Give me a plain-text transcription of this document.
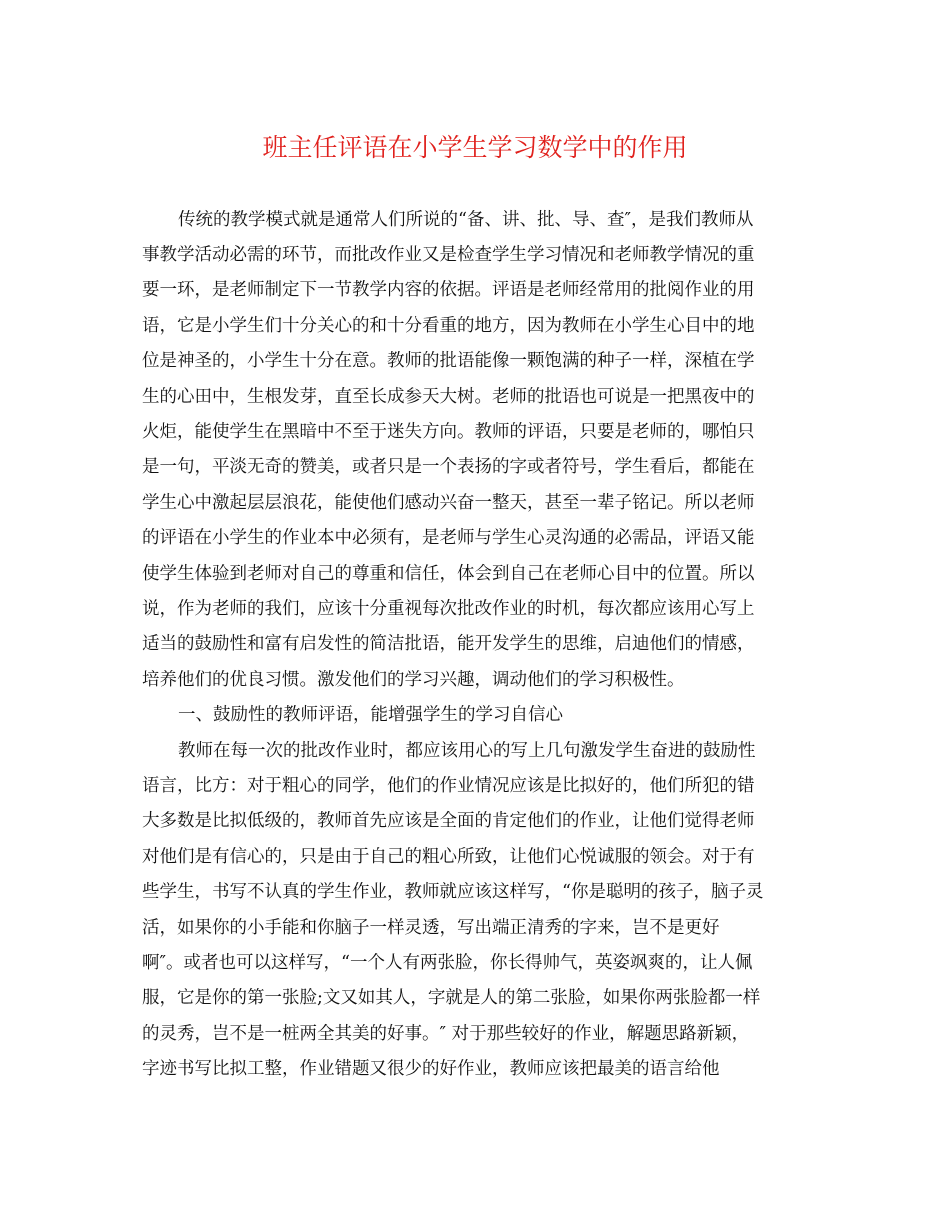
班主任评语在小学生学习数学中的作用

传统的教学模式就是通常人们所说的“备、讲、批、导、查″，是我们教师从

事教学活动必需的环节，而批改作业又是检查学生学习情况和老师教学情况的重

要一环，是老师制定下一节教学内容的依据。评语是老师经常用的批阅作业的用

语，它是小学生们十分关心的和十分看重的地方，因为教师在小学生心目中的地

位是神圣的，小学生十分在意。教师的批语能像一颗饱满的种子一样，深植在学

生的心田中，生根发芽，直至长成参天大树。老师的批语也可说是一把黑夜中的

火炬，能使学生在黑暗中不至于迷失方向。教师的评语，只要是老师的，哪怕只

是一句，平淡无奇的赞美，或者只是一个表扬的字或者符号，学生看后，都能在

学生心中激起层层浪花，能使他们感动兴奋一整天，甚至一辈子铭记。所以老师

的评语在小学生的作业本中必须有，是老师与学生心灵沟通的必需品，评语又能

使学生体验到老师对自己的尊重和信任，体会到自己在老师心目中的位置。所以

说，作为老师的我们，应该十分重视每次批改作业的时机，每次都应该用心写上

适当的鼓励性和富有启发性的简洁批语，能开发学生的思维，启迪他们的情感，

培养他们的优良习惯。激发他们的学习兴趣，调动他们的学习积极性。

一、鼓励性的教师评语，能增强学生的学习自信心

教师在每一次的批改作业时，都应该用心的写上几句激发学生奋进的鼓励性

语言，比方：对于粗心的同学，他们的作业情况应该是比拟好的，他们所犯的错

大多数是比拟低级的，教师首先应该是全面的肯定他们的作业，让他们觉得老师

对他们是有信心的，只是由于自己的粗心所致，让他们心悦诚服的领会。对于有

些学生，书写不认真的学生作业，教师就应该这样写，“你是聪明的孩子，脑子灵

活，如果你的小手能和你脑子一样灵透，写出端正清秀的字来，岂不是更好

啊″。或者也可以这样写，“一个人有两张脸，你长得帅气，英姿飒爽的，让人佩

服，它是你的第一张脸;文又如其人，字就是人的第二张脸，如果你两张脸都一样

的灵秀，岂不是一桩两全其美的好事。″ 对于那些较好的作业，解题思路新颖，

字迹书写比拟工整，作业错题又很少的好作业，教师应该把最美的语言给他
